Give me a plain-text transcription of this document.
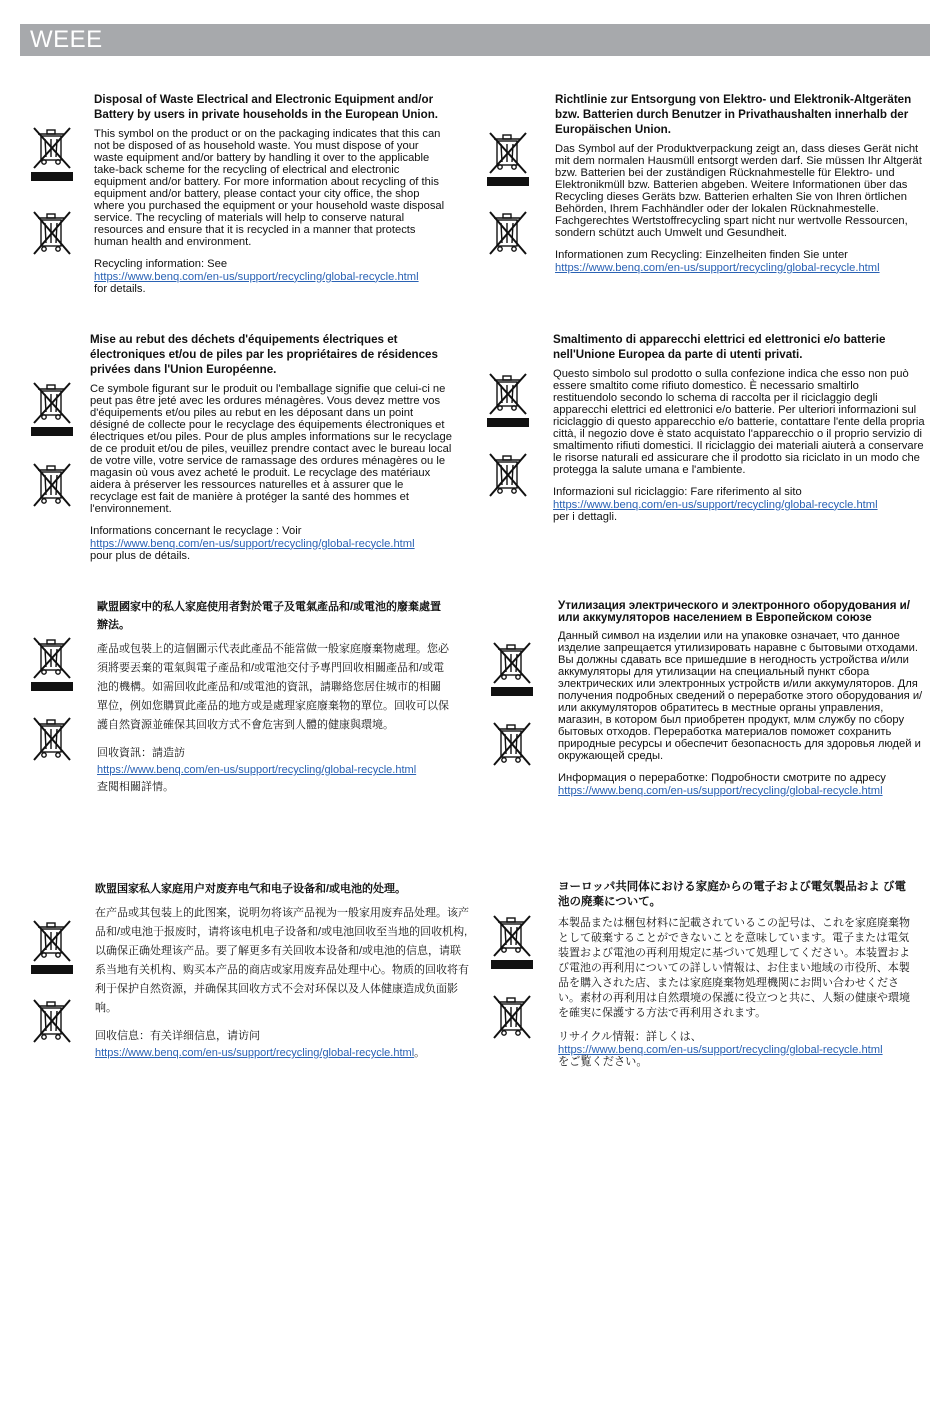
WEEE

Disposal of Waste Electrical and Electronic Equipment and/or Battery by users in private households in the European Union.

This symbol on the product or on the packaging indicates that this can not be disposed of as household waste. You must dispose of your waste equipment and/or battery by handling it over to the applicable take-back scheme for the recycling of electrical and electronic equipment and/or battery. For more information about recycling of this equipment and/or battery, please contact your city office, the shop where you purchased the equipment or your household waste disposal service. The recycling of materials will help to conserve natural resources and ensure that it is recycled in a manner that protects human health and environment.

Recycling information: See
https://www.benq.com/en-us/support/recycling/global-recycle.html
for details.

Richtlinie zur Entsorgung von Elektro- und Elektronik-Altgeräten bzw. Batterien durch Benutzer in Privathaushalten innerhalb der Europäischen Union.

Das Symbol auf der Produktverpackung zeigt an, dass dieses Gerät nicht mit dem normalen Hausmüll entsorgt werden darf. Sie müssen Ihr Altgerät bzw. Batterien bei der zuständigen Rücknahmestelle für Elektro- und Elektronikmüll bzw. Batterien abgeben. Weitere Informationen über das Recycling dieses Geräts bzw. Batterien erhalten Sie von Ihren örtlichen Behörden, Ihrem Fachhändler oder der lokalen Rücknahmestelle. Fachgerechtes Wertstoffrecycling spart nicht nur wertvolle Ressourcen, sondern schützt auch Umwelt und Gesundheit.

Informationen zum Recycling: Einzelheiten finden Sie unter
https://www.benq.com/en-us/support/recycling/global-recycle.html

Mise au rebut des déchets d'équipements électriques et électroniques et/ou de piles par les propriétaires de résidences privées dans l'Union Européenne.

Ce symbole figurant sur le produit ou l'emballage signifie que celui-ci ne peut pas être jeté avec les ordures ménagères. Vous devez mettre vos d'équipements et/ou piles au rebut en les déposant dans un point désigné de collecte pour le recyclage des équipements électroniques et électriques et/ou piles. Pour de plus amples informations sur le recyclage de ce produit et/ou de piles, veuillez prendre contact avec le bureau local de votre ville, votre service de ramassage des ordures ménagères ou le magasin où vous avez acheté le produit. Le recyclage des matériaux aidera à préserver les ressources naturelles et à assurer que le recyclage est fait de manière à protéger la santé des hommes et l'environnement.

Informations concernant le recyclage : Voir
https://www.benq.com/en-us/support/recycling/global-recycle.html
pour plus de détails.

Smaltimento di apparecchi elettrici ed elettronici e/o batterie nell'Unione Europea da parte di utenti privati.

Questo simbolo sul prodotto o sulla confezione indica che esso non può essere smaltito come rifiuto domestico. È necessario smaltirlo restituendolo secondo lo schema di raccolta per il riciclaggio degli apparecchi elettrici ed elettronici e/o batterie. Per ulteriori informazioni sul riciclaggio di questo apparecchio e/o batterie, contattare l'ente della propria città, il negozio dove è stato acquistato l'apparecchio o il proprio servizio di smaltimento rifiuti domestici. Il riciclaggio dei materiali aiuterà a conservare le risorse naturali ed assicurare che il prodotto sia riciclato in un modo che protegga la salute umana e l'ambiente.

Informazioni sul riciclaggio: Fare riferimento al sito
https://www.benq.com/en-us/support/recycling/global-recycle.html
per i dettagli.

歐盟國家中的私人家庭使用者對於電子及電氣產品和/或電池的廢棄處置辦法。

產品或包裝上的這個圖示代表此產品不能當做一般家庭廢棄物處理。您必須將要丟棄的電氣與電子產品和/或電池交付予專門回收相關產品和/或電池的機構。如需回收此產品和/或電池的資訊，請聯絡您居住城市的相關單位，例如您購買此產品的地方或是處理家庭廢棄物的單位。回收可以保護自然資源並確保其回收方式不會危害到人體的健康與環境。

回收資訊：請造訪
https://www.benq.com/en-us/support/recycling/global-recycle.html
查閱相關詳情。

Утилизация электрического и электронного оборудования и/или аккумуляторов населением в Европейском союзе

Данный символ на изделии или на упаковке означает, что данное изделие запрещается утилизировать наравне с бытовыми отходами. Вы должны сдавать все пришедшие в негодность устройства и/или аккумуляторы для утилизации на специальный пункт сбора электрических или электронных устройств и/или аккумуляторов. Для получения подробных сведений о переработке этого оборудования и/или аккумуляторов обратитесь в местные органы управления, магазин, в котором был приобретен продукт, млм службу по сбору бытовых отходов. Переработка материалов поможет сохранить природные ресурсы и обеспечит безопасность для здоровья людей и окружающей среды.

Информация о переработке: Подробности смотрите по адресу
https://www.benq.com/en-us/support/recycling/global-recycle.html

欧盟国家私人家庭用户对废弃电气和电子设备和/或电池的处理。

在产品或其包装上的此图案，说明勿将该产品视为一般家用废弃品处理。该产品和/或电池于报废时，请将该电机电子设备和/或电池回收至当地的回收机构,以确保正确处理该产品。要了解更多有关回收本设备和/或电池的信息，请联系当地有关机构、购买本产品的商店或家用废弃品处理中心。物质的回收将有利于保护自然资源，并确保其回收方式不会对环保以及人体健康造成负面影响。

回收信息：有关详细信息，请访问
https://www.benq.com/en-us/support/recycling/global-recycle.html。

ヨーロッパ共同体における家庭からの電子および電気製品およ び電池の廃棄について。

本製品または梱包材料に記載されているこの記号は、これを家庭廃棄物として破棄することができないことを意味しています。電子または電気装置および電池の再利用規定に基づいて処理してください。本装置および電池の再利用についての詳しい情報は、お住まい地域の市役所、本製品を購入された店、または家庭廃棄物処理機関にお問い合わせください。素材の再利用は自然環境の保護に役立つと共に、人類の健康や環境を確実に保護する方法で再利用されます。

リサイクル情報：詳しくは、
https://www.benq.com/en-us/support/recycling/global-recycle.html
をご覧ください。
